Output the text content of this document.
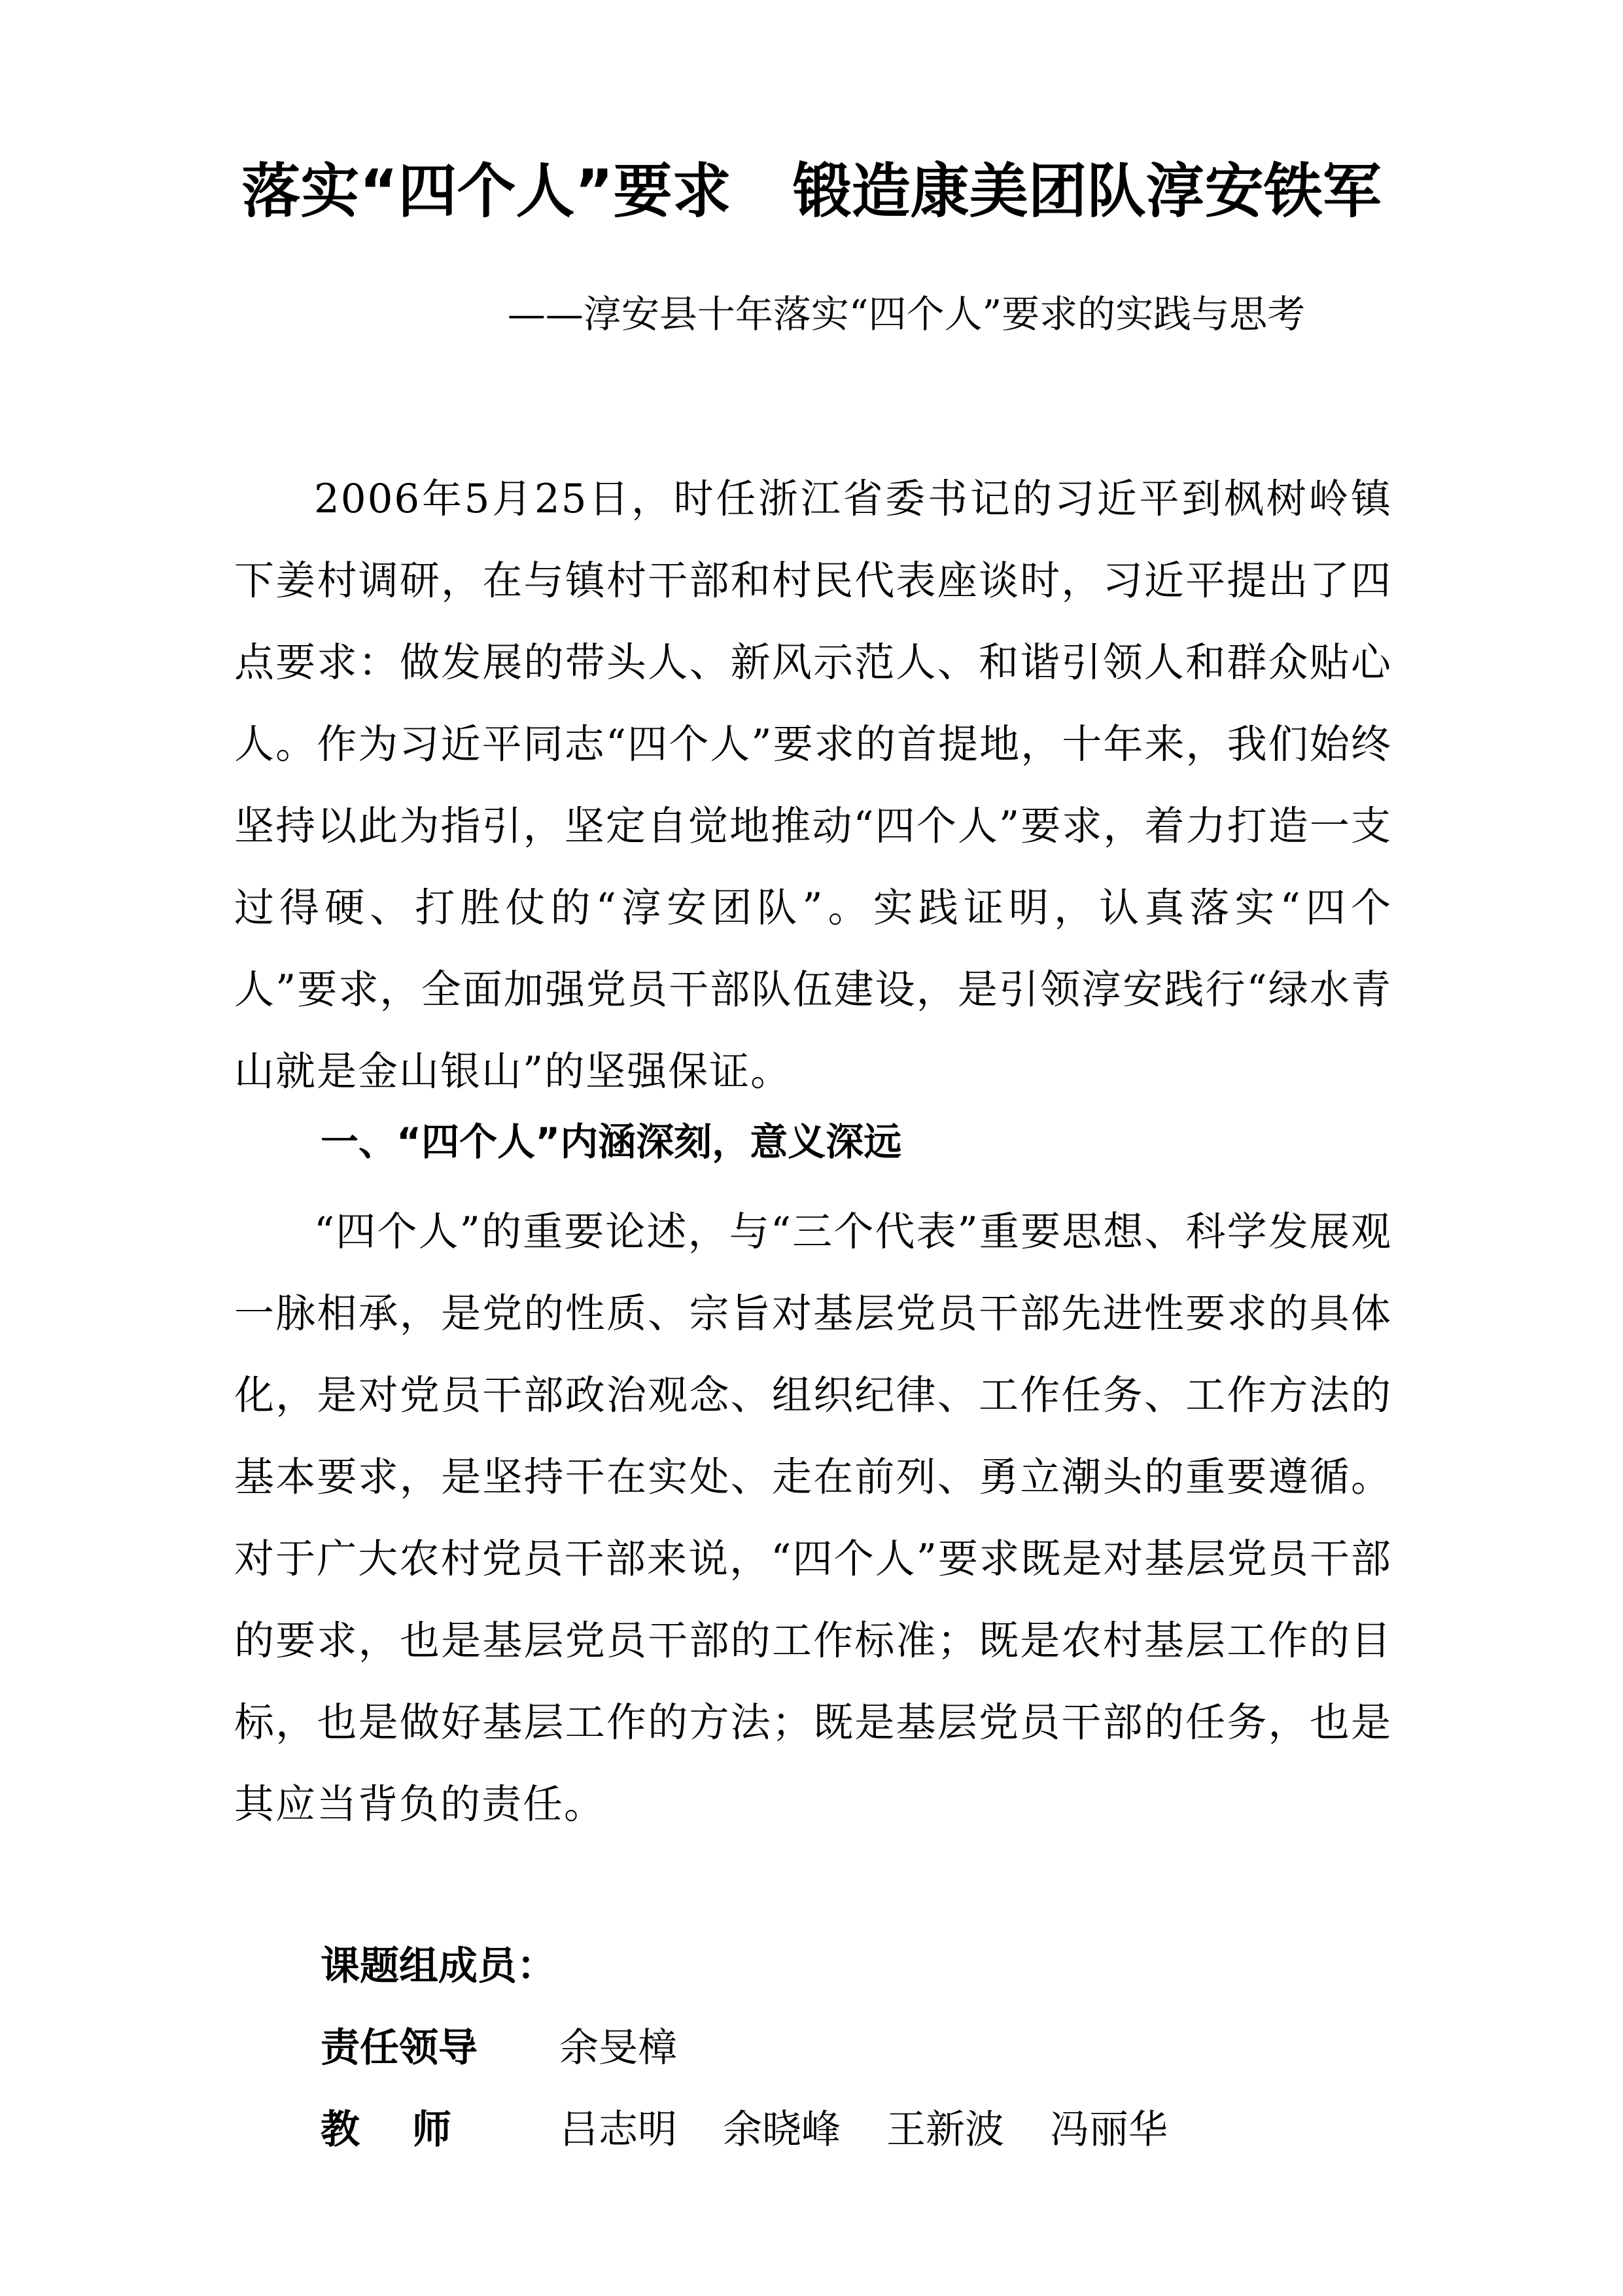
落实“四个人”要求   锻造康美团队淳安铁军

——淳安县十年落实“四个人”要求的实践与思考

2006年5月25日，时任浙江省委书记的习近平到枫树岭镇下姜村调研，在与镇村干部和村民代表座谈时，习近平提出了四点要求：做发展的带头人、新风示范人、和谐引领人和群众贴心人。作为习近平同志“四个人”要求的首提地，十年来，我们始终坚持以此为指引，坚定自觉地推动“四个人”要求，着力打造一支过得硬、打胜仗的“淳安团队”。实践证明，认真落实“四个人”要求，全面加强党员干部队伍建设，是引领淳安践行“绿水青山就是金山银山”的坚强保证。

一、“四个人”内涵深刻，意义深远

“四个人”的重要论述，与“三个代表”重要思想、科学发展观一脉相承，是党的性质、宗旨对基层党员干部先进性要求的具体化，是对党员干部政治观念、组织纪律、工作任务、工作方法的基本要求，是坚持干在实处、走在前列、勇立潮头的重要遵循。对于广大农村党员干部来说，“四个人”要求既是对基层党员干部的要求，也是基层党员干部的工作标准；既是农村基层工作的目标，也是做好基层工作的方法；既是基层党员干部的任务，也是其应当背负的责任。

课题组成员：

责任领导 余旻樟

教师 吕志明 余晓峰 王新波 冯丽华
